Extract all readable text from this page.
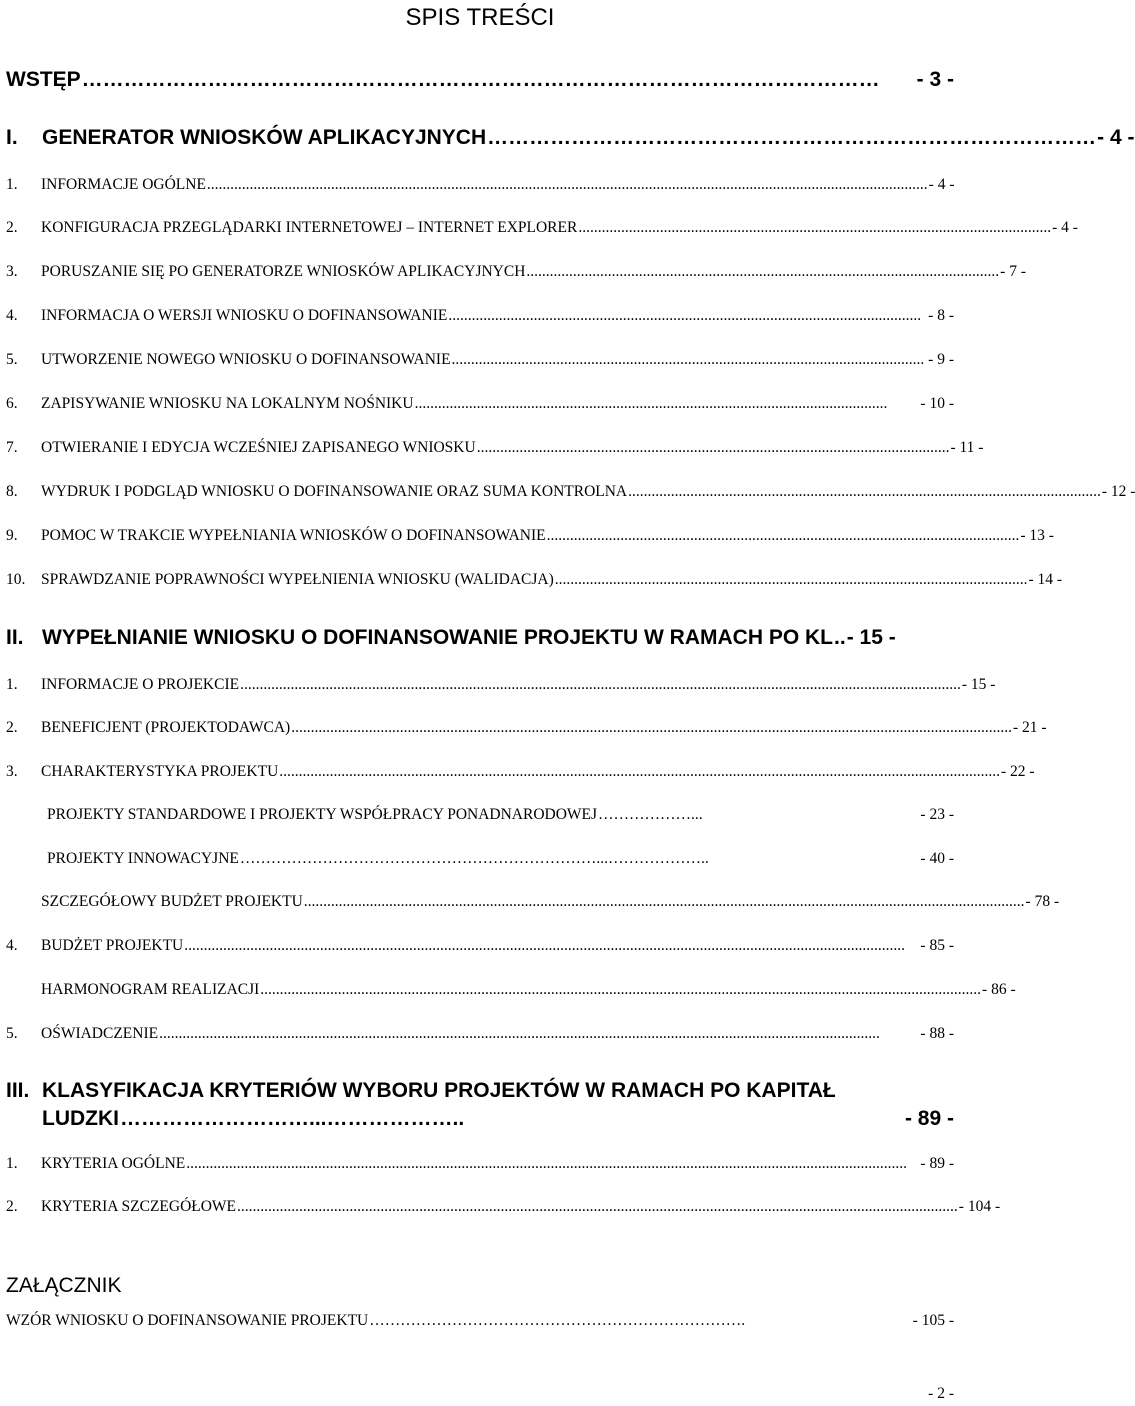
SPIS TREŚCI
WSTĘP ……………………………………………………………………………………………………	- 3 -
I.	GENERATOR WNIOSKÓW APLIKACYJNYCH …………………………………………………………………………… - 4 -
1.	INFORMACJE OGÓLNE .......................................................................................................................................................................................... - 4 -
2.	KONFIGURACJA PRZEGLĄDARKI INTERNETOWEJ – INTERNET EXPLORER .......................................................................................................................... - 4 -
3.	PORUSZANIE SIĘ PO GENERATORZE WNIOSKÓW APLIKACYJNYCH .......................................................................................................................... - 7 -
4.	INFORMACJA O WERSJI WNIOSKU O DOFINANSOWANIE .......................................................................................................................... - 8 -
5.	UTWORZENIE NOWEGO WNIOSKU O DOFINANSOWANIE .......................................................................................................................... - 9 -
6.	ZAPISYWANIE WNIOSKU NA LOKALNYM NOŚNIKU ..........................................................................................................................	- 10 -
7.	OTWIERANIE I EDYCJA WCZEŚNIEJ ZAPISANEGO WNIOSKU .......................................................................................................................... - 11 -
8.	WYDRUK I PODGLĄD WNIOSKU O DOFINANSOWANIE ORAZ SUMA KONTROLNA .......................................................................................................................... - 12 -
9.	POMOC W TRAKCIE WYPEŁNIANIA WNIOSKÓW O DOFINANSOWANIE .......................................................................................................................... - 13 -
10.	SPRAWDZANIE POPRAWNOŚCI WYPEŁNIENIA WNIOSKU (WALIDACJA) .......................................................................................................................... - 14 -
II. WYPEŁNIANIE WNIOSKU O DOFINANSOWANIE PROJEKTU W RAMACH PO KL .. - 15 -
1.	INFORMACJE O PROJEKCIE .......................................................................................................................................................................................... - 15 -
2.	BENEFICJENT (PROJEKTODAWCA) .......................................................................................................................................................................................... - 21 -
3.	CHARAKTERYSTYKA PROJEKTU .......................................................................................................................................................................................... - 22 -
PROJEKTY STANDARDOWE I PROJEKTY WSPÓŁPRACY PONADNARODOWEJ ………………...	- 23 -
PROJEKTY INNOWACYJNE ……………………………………………………………...………………..	- 40 -
SZCZEGÓŁOWY BUDŻET PROJEKTU .......................................................................................................................................................................................... - 78 -
4.	BUDŻET PROJEKTU .......................................................................................................................................................................................... - 85 -
HARMONOGRAM REALIZACJI .......................................................................................................................................................................................... - 86 -
5.	OŚWIADCZENIE ..........................................................................................................................................................................................	- 88 -
III. KLASYFIKACJA KRYTERIÓW WYBORU PROJEKTÓW W RAMACH PO KAPITAŁ
LUDZKI ………………………...………………..	- 89 -
1.	KRYTERIA OGÓLNE .......................................................................................................................................................................................... - 89 -
2.	KRYTERIA SZCZEGÓŁOWE .......................................................................................................................................................................................... - 104 -
ZAŁĄCZNIK
WZÓR WNIOSKU O DOFINANSOWANIE PROJEKTU ……………………………………………………………….	- 105 -
- 2 -
